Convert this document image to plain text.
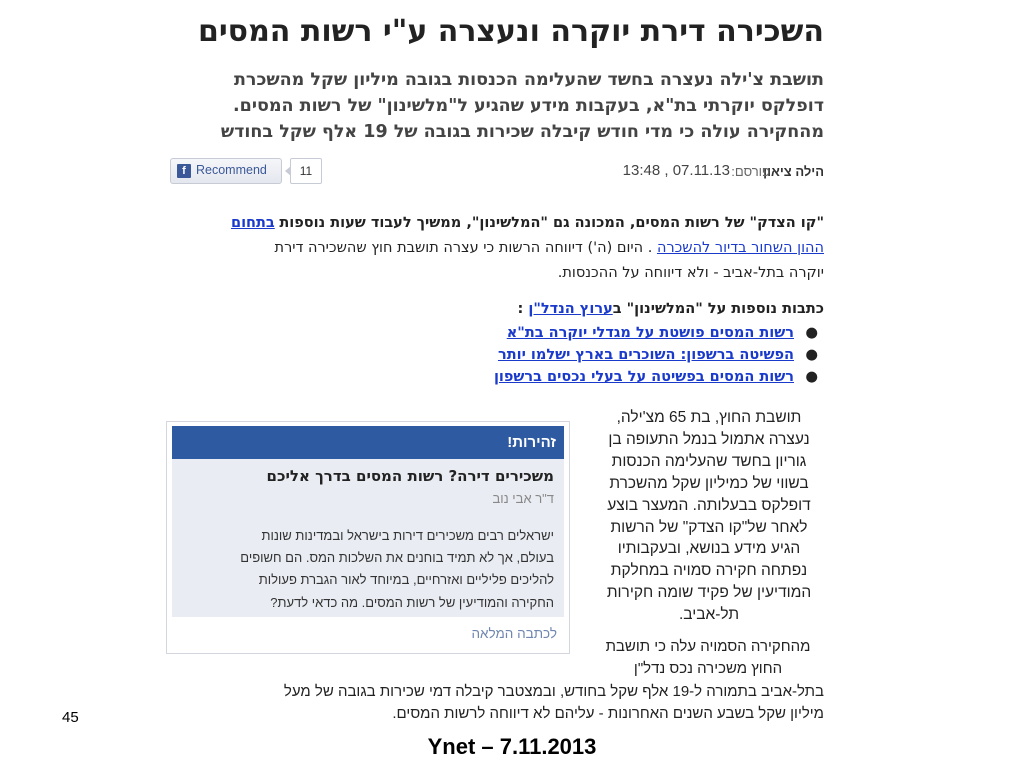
השכירה דירת יוקרה ונעצרה ע"י רשות המסים
תושבת צ'ילה נעצרה בחשד שהעלימה הכנסות בגובה מיליון שקל מהשכרת
דופלקס יוקרתי בת"א, בעקבות מידע שהגיע ל"מלשינון" של רשות המסים.
מהחקירה עולה כי מדי חודש קיבלה שכירות בגובה של 19 אלף שקל בחודש
הילה ציאון
פורסם:
13:48 , 07.11.13
f Recommend	11
"קו הצדק" של רשות המסים, המכונה גם "המלשינון", ממשיך לעבוד שעות נוספות בתחום
ההון השחור בדיור להשכרה . היום (ה') דיווחה הרשות כי עצרה תושבת חוץ שהשכירה דירת
יוקרה בתל-אביב - ולא דיווחה על ההכנסות.
כתבות נוספות על "המלשינון" בערוץ הנדל"ן :
●
רשות המסים פושטת על מגדלי יוקרה בת"א
●
הפשיטה ברשפון: השוכרים בארץ ישלמו יותר
●
רשות המסים בפשיטה על בעלי נכסים ברשפון
תושבת החוץ, בת 65 מצ'ילה,
נעצרה אתמול בנמל התעופה בן
גוריון בחשד שהעלימה הכנסות
בשווי של כמיליון שקל מהשכרת
דופלקס בבעלותה. המעצר בוצע
לאחר של"קו הצדק" של הרשות
הגיע מידע בנושא, ובעקבותיו
נפתחה חקירה סמויה במחלקת
המודיעין של פקיד שומה חקירות
תל-אביב.
זהירות!
משכירים דירה? רשות המסים בדרך אליכם
ד"ר אבי נוב
ישראלים רבים משכירים דירות בישראל ובמדינות שונות
בעולם, אך לא תמיד בוחנים את השלכות המס. הם חשופים
להליכים פליליים ואזרחיים, במיוחד לאור הגברת פעולות
החקירה והמודיעין של רשות המסים. מה כדאי לדעת?
לכתבה המלאה
מהחקירה הסמויה עלה כי תושבת
החוץ משכירה נכס נדל"ן
בתל-אביב בתמורה ל-19 אלף שקל בחודש, ובמצטבר קיבלה דמי שכירות בגובה של מעל
מיליון שקל בשבע השנים האחרונות - עליהם לא דיווחה לרשות המסים.
45
Ynet – 7.11.2013
